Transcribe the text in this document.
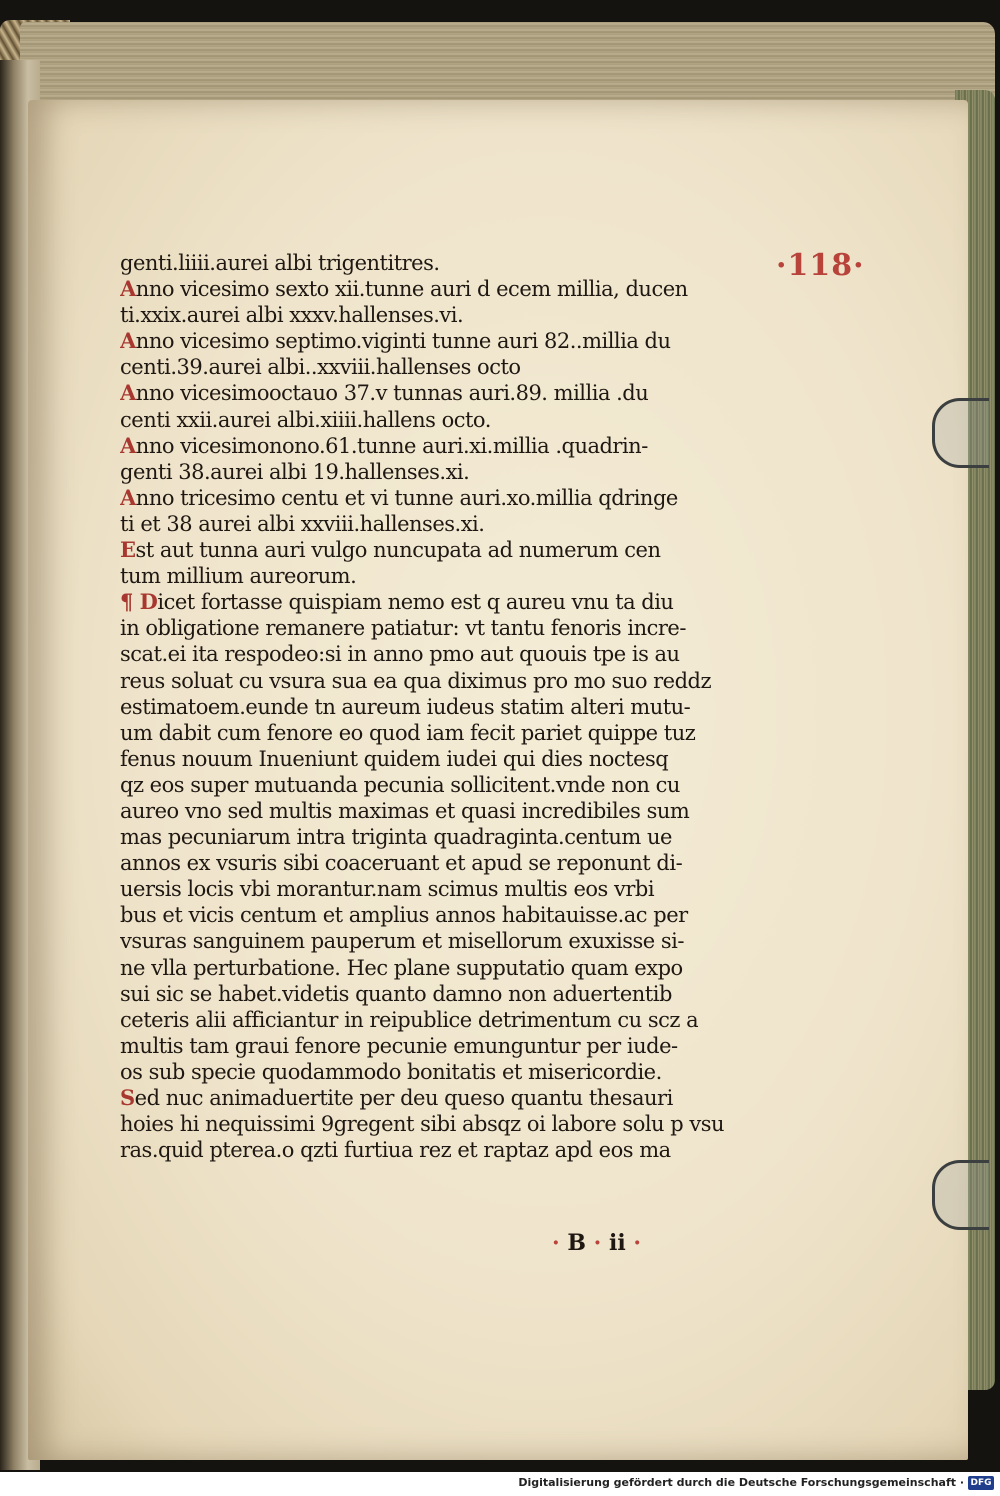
·118·
genti.liiii.aurei albi trigentitres.
Anno vicesimo sexto xii.tunne auri d ecem millia, ducen
ti.xxix.aurei albi xxxv.hallenses.vi.
Anno vicesimo septimo.viginti tunne auri 82..millia du
centi.39.aurei albi..xxviii.hallenses octo
Anno vicesimooctauo 37.v tunnas auri.89. millia .du
centi xxii.aurei albi.xiiii.hallens octo.
Anno vicesimonono.61.tunne auri.xi.millia .quadrin-
genti 38.aurei albi 19.hallenses.xi.
Anno tricesimo centu et vi tunne auri.xo.millia qdringe
ti et 38 aurei albi xxviii.hallenses.xi.
Est aut tunna auri vulgo nuncupata ad numerum cen
tum millium aureorum.
¶ Dicet fortasse quispiam nemo est q aureu vnu ta diu
in obligatione remanere patiatur: vt tantu fenoris incre-
scat.ei ita respodeo:si in anno pmo aut quouis tpe is au
reus soluat cu vsura sua ea qua diximus pro mo suo reddz
estimatoem.eunde tn aureum iudeus statim alteri mutu-
um dabit cum fenore eo quod iam fecit pariet quippe tuz
fenus nouum Inueniunt quidem iudei qui dies noctesq
qz eos super mutuanda pecunia sollicitent.vnde non cu
aureo vno sed multis maximas et quasi incredibiles sum
mas pecuniarum intra triginta quadraginta.centum ue
annos ex vsuris sibi coaceruant et apud se reponunt di-
uersis locis vbi morantur.nam scimus multis eos vrbi
bus et vicis centum et amplius annos habitauisse.ac per
vsuras sanguinem pauperum et misellorum exuxisse si-
ne vlla perturbatione. Hec plane supputatio quam expo
sui sic se habet.videtis quanto damno non aduertentib
ceteris alii afficiantur in reipublice detrimentum cu scz a
multis tam graui fenore pecunie emunguntur per iude-
os sub specie quodammodo bonitatis et misericordie.
Sed nuc animaduertite per deu queso quantu thesauri
hoies hi nequissimi 9gregent sibi absqz oi labore solu p vsu
ras.quid pterea.o qzti furtiua rez et raptaz apd eos ma
· B · ii ·
Digitalisierung gefördert durch die Deutsche Forschungsgemeinschaft · DFG
